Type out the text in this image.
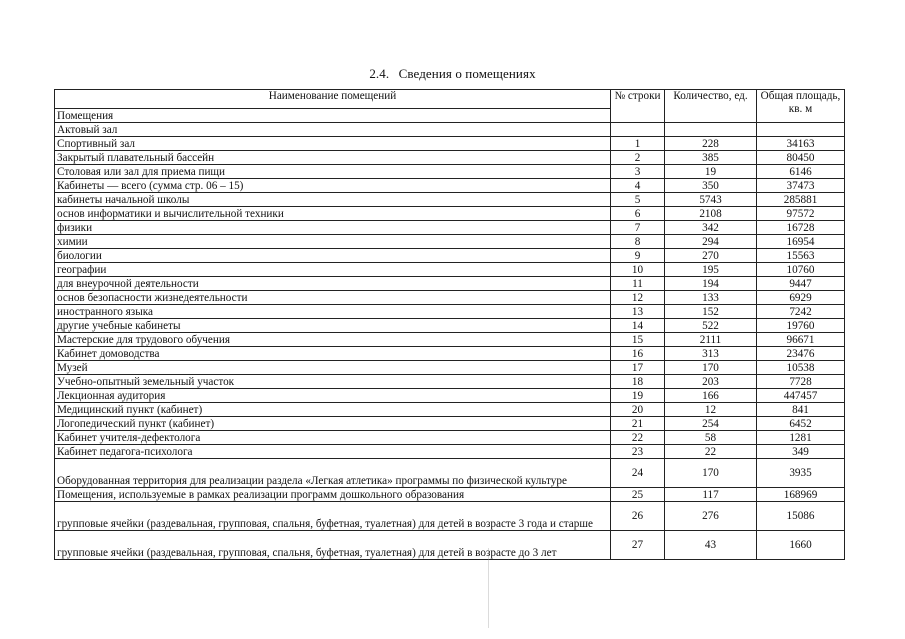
2.4. Сведения о помещениях
Наименование помещений	№ строки	Количество, ед.	Общая площадь, кв. м
Помещения			
Актовый зал			
Спортивный зал	1	228	34163
Закрытый плавательный бассейн	2	385	80450
Столовая или зал для приема пищи	3	19	6146
Кабинеты — всего (сумма стр. 06 – 15)	4	350	37473
кабинеты начальной школы	5	5743	285881
основ информатики и вычислительной техники	6	2108	97572
физики	7	342	16728
химии	8	294	16954
биологии	9	270	15563
географии	10	195	10760
для внеурочной деятельности	11	194	9447
основ безопасности жизнедеятельности	12	133	6929
иностранного языка	13	152	7242
другие учебные кабинеты	14	522	19760
Мастерские для трудового обучения	15	2111	96671
Кабинет домоводства	16	313	23476
Музей	17	170	10538
Учебно-опытный земельный участок	18	203	7728
Лекционная аудитория	19	166	447457
Медицинский пункт (кабинет)	20	12	841
Логопедический пункт (кабинет)	21	254	6452
Кабинет учителя-дефектолога	22	58	1281
Кабинет педагога-психолога	23	22	349
Оборудованная территория для реализации раздела «Легкая атлетика» программы по физической культуре	24	170	3935
Помещения, используемые в рамках реализации программ дошкольного образования	25	117	168969
групповые ячейки (раздевальная, групповая, спальня, буфетная, туалетная) для детей в возрасте 3 года и старше	26	276	15086
групповые ячейки (раздевальная, групповая, спальня, буфетная, туалетная) для детей в возрасте до 3 лет	27	43	1660
